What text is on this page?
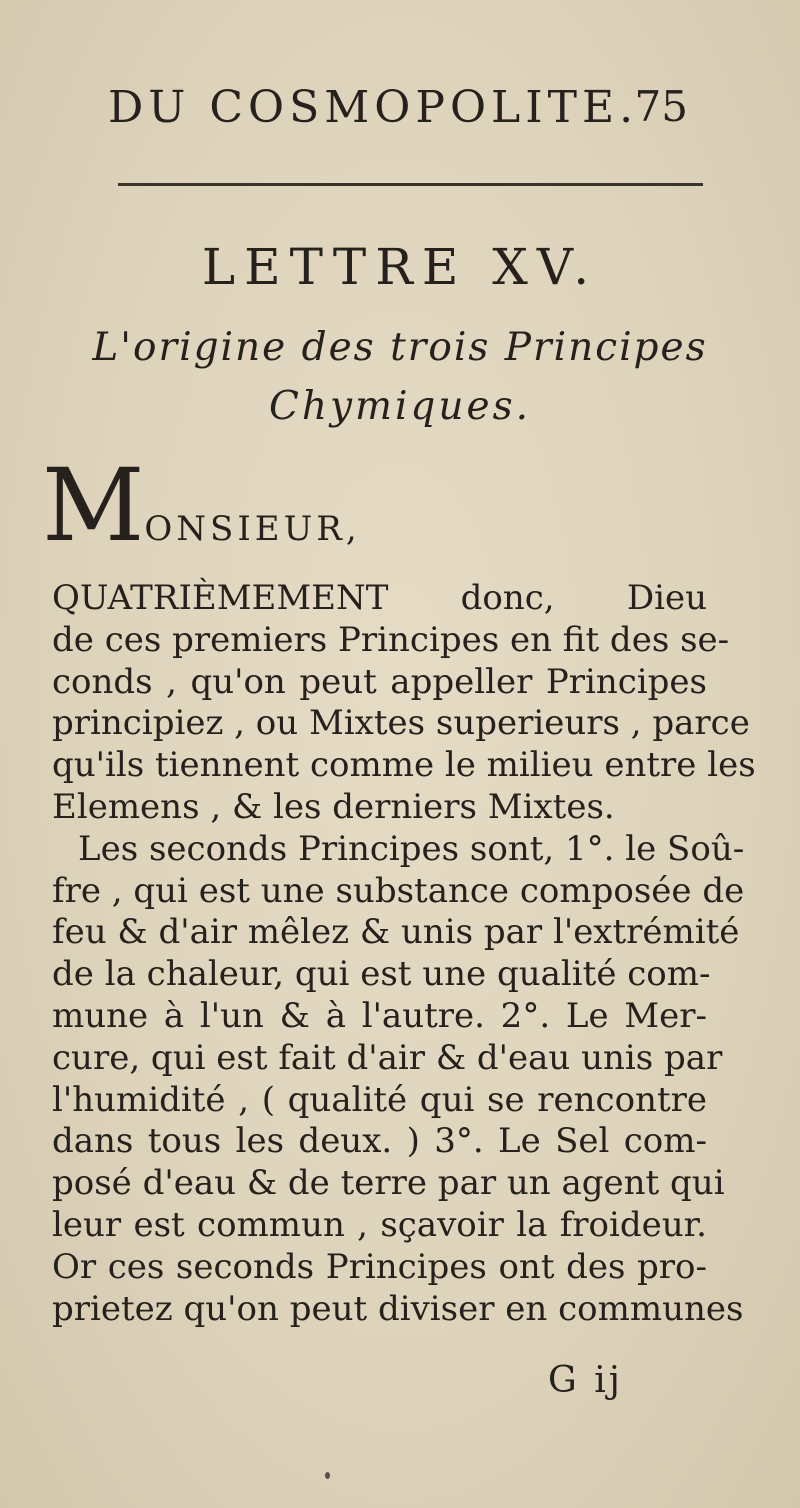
DU COSMOPOLITE.
75
LETTRE XV.
L'origine des trois Principes
Chymiques.
MONSIEUR,
QUATRIÈMEMENT donc, Dieu
de ces premiers Principes en fit des se-
conds , qu'on peut appeller Principes
principiez , ou Mixtes superieurs , parce
qu'ils tiennent comme le milieu entre les
Elemens , & les derniers Mixtes.
Les seconds Principes sont, 1°. le Soû-
fre , qui est une substance composée de
feu & d'air mêlez & unis par l'extrémité
de la chaleur, qui est une qualité com-
mune à l'un & à l'autre. 2°. Le Mer-
cure, qui est fait d'air & d'eau unis par
l'humidité , ( qualité qui se rencontre
dans tous les deux. ) 3°. Le Sel com-
posé d'eau & de terre par un agent qui
leur est commun , sçavoir la froideur.
Or ces seconds Principes ont des pro-
prietez qu'on peut diviser en communes
G ij
